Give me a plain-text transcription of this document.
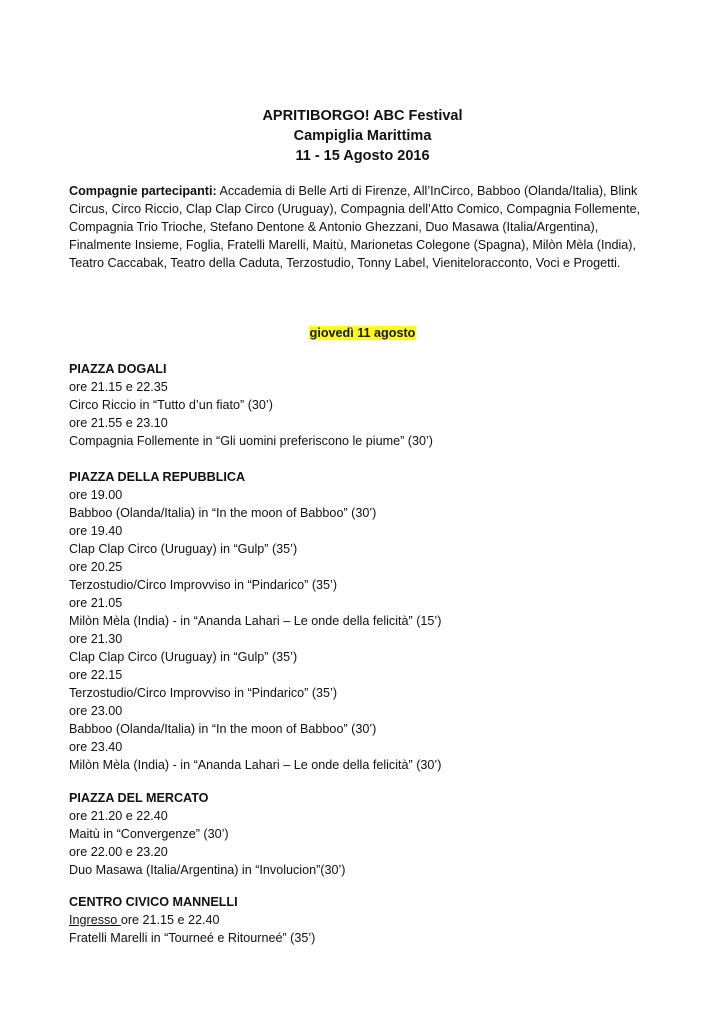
APRITIBORGO! ABC Festival
Campiglia Marittima
11 - 15 Agosto 2016
Compagnie partecipanti: Accademia di Belle Arti di Firenze, All’InCirco, Babboo (Olanda/Italia), Blink Circus, Circo Riccio, Clap Clap Circo (Uruguay), Compagnia dell’Atto Comico, Compagnia Follemente, Compagnia Trio Trioche, Stefano Dentone & Antonio Ghezzani, Duo Masawa (Italia/Argentina), Finalmente Insieme, Foglia, Fratelli Marelli, Maitù, Marionetas Colegone (Spagna), Milòn Mèla (India), Teatro Caccabak, Teatro della Caduta, Terzostudio, Tonny Label, Vieniteloracconto, Voci e Progetti.
giovedì 11 agosto
PIAZZA DOGALI
ore 21.15 e 22.35
Circo Riccio in “Tutto d’un fiato” (30’)
ore 21.55 e 23.10
Compagnia Follemente in “Gli uomini preferiscono le piume” (30’)
PIAZZA DELLA REPUBBLICA
ore 19.00
Babboo (Olanda/Italia) in “In the moon of Babboo” (30’)
ore 19.40
Clap Clap Circo (Uruguay) in “Gulp” (35’)
ore 20.25
Terzostudio/Circo Improvviso in “Pindarico” (35’)
ore 21.05
Milòn Mèla (India) - in “Ananda Lahari – Le onde della felicità” (15’)
ore 21.30
Clap Clap Circo (Uruguay) in “Gulp” (35’)
ore 22.15
Terzostudio/Circo Improvviso in “Pindarico” (35’)
ore 23.00
Babboo (Olanda/Italia) in “In the moon of Babboo” (30’)
ore 23.40
Milòn Mèla (India) - in “Ananda Lahari – Le onde della felicità” (30’)
PIAZZA DEL MERCATO
ore 21.20 e 22.40
Maitù in “Convergenze” (30’)
ore 22.00 e 23.20
Duo Masawa (Italia/Argentina) in “Involucion”(30’)
CENTRO CIVICO MANNELLI
Ingresso ore 21.15 e 22.40
Fratelli Marelli in “Tourneé e Ritourneé” (35’)
